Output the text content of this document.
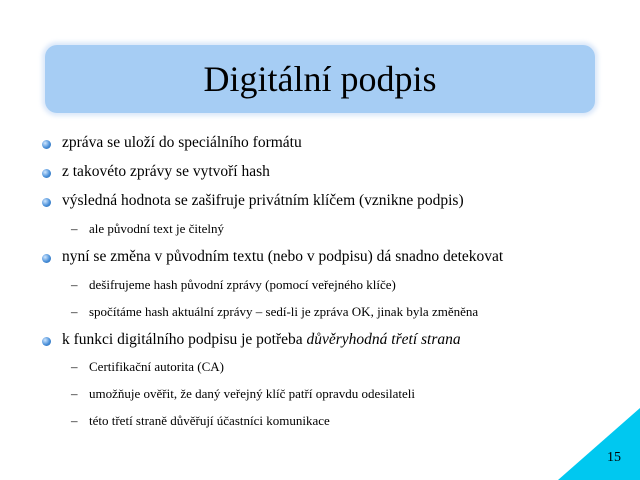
Digitální podpis
zpráva se uloží do speciálního formátu
z takovéto zprávy se vytvoří hash
výsledná hodnota se zašifruje privátním klíčem (vznikne podpis)
– ale původní text je čitelný
nyní se změna v původním textu (nebo v podpisu) dá snadno detekovat
– dešifrujeme hash původní zprávy (pomocí veřejného klíče)
– spočítáme hash aktuální zprávy – sedí-li je zpráva OK, jinak byla změněna
k funkci digitálního podpisu je potřeba důvěryhodná třetí strana
– Certifikační autorita (CA)
– umožňuje ověřit, že daný veřejný klíč patří opravdu odesilateli
– této třetí straně důvěřují účastníci komunikace
15
